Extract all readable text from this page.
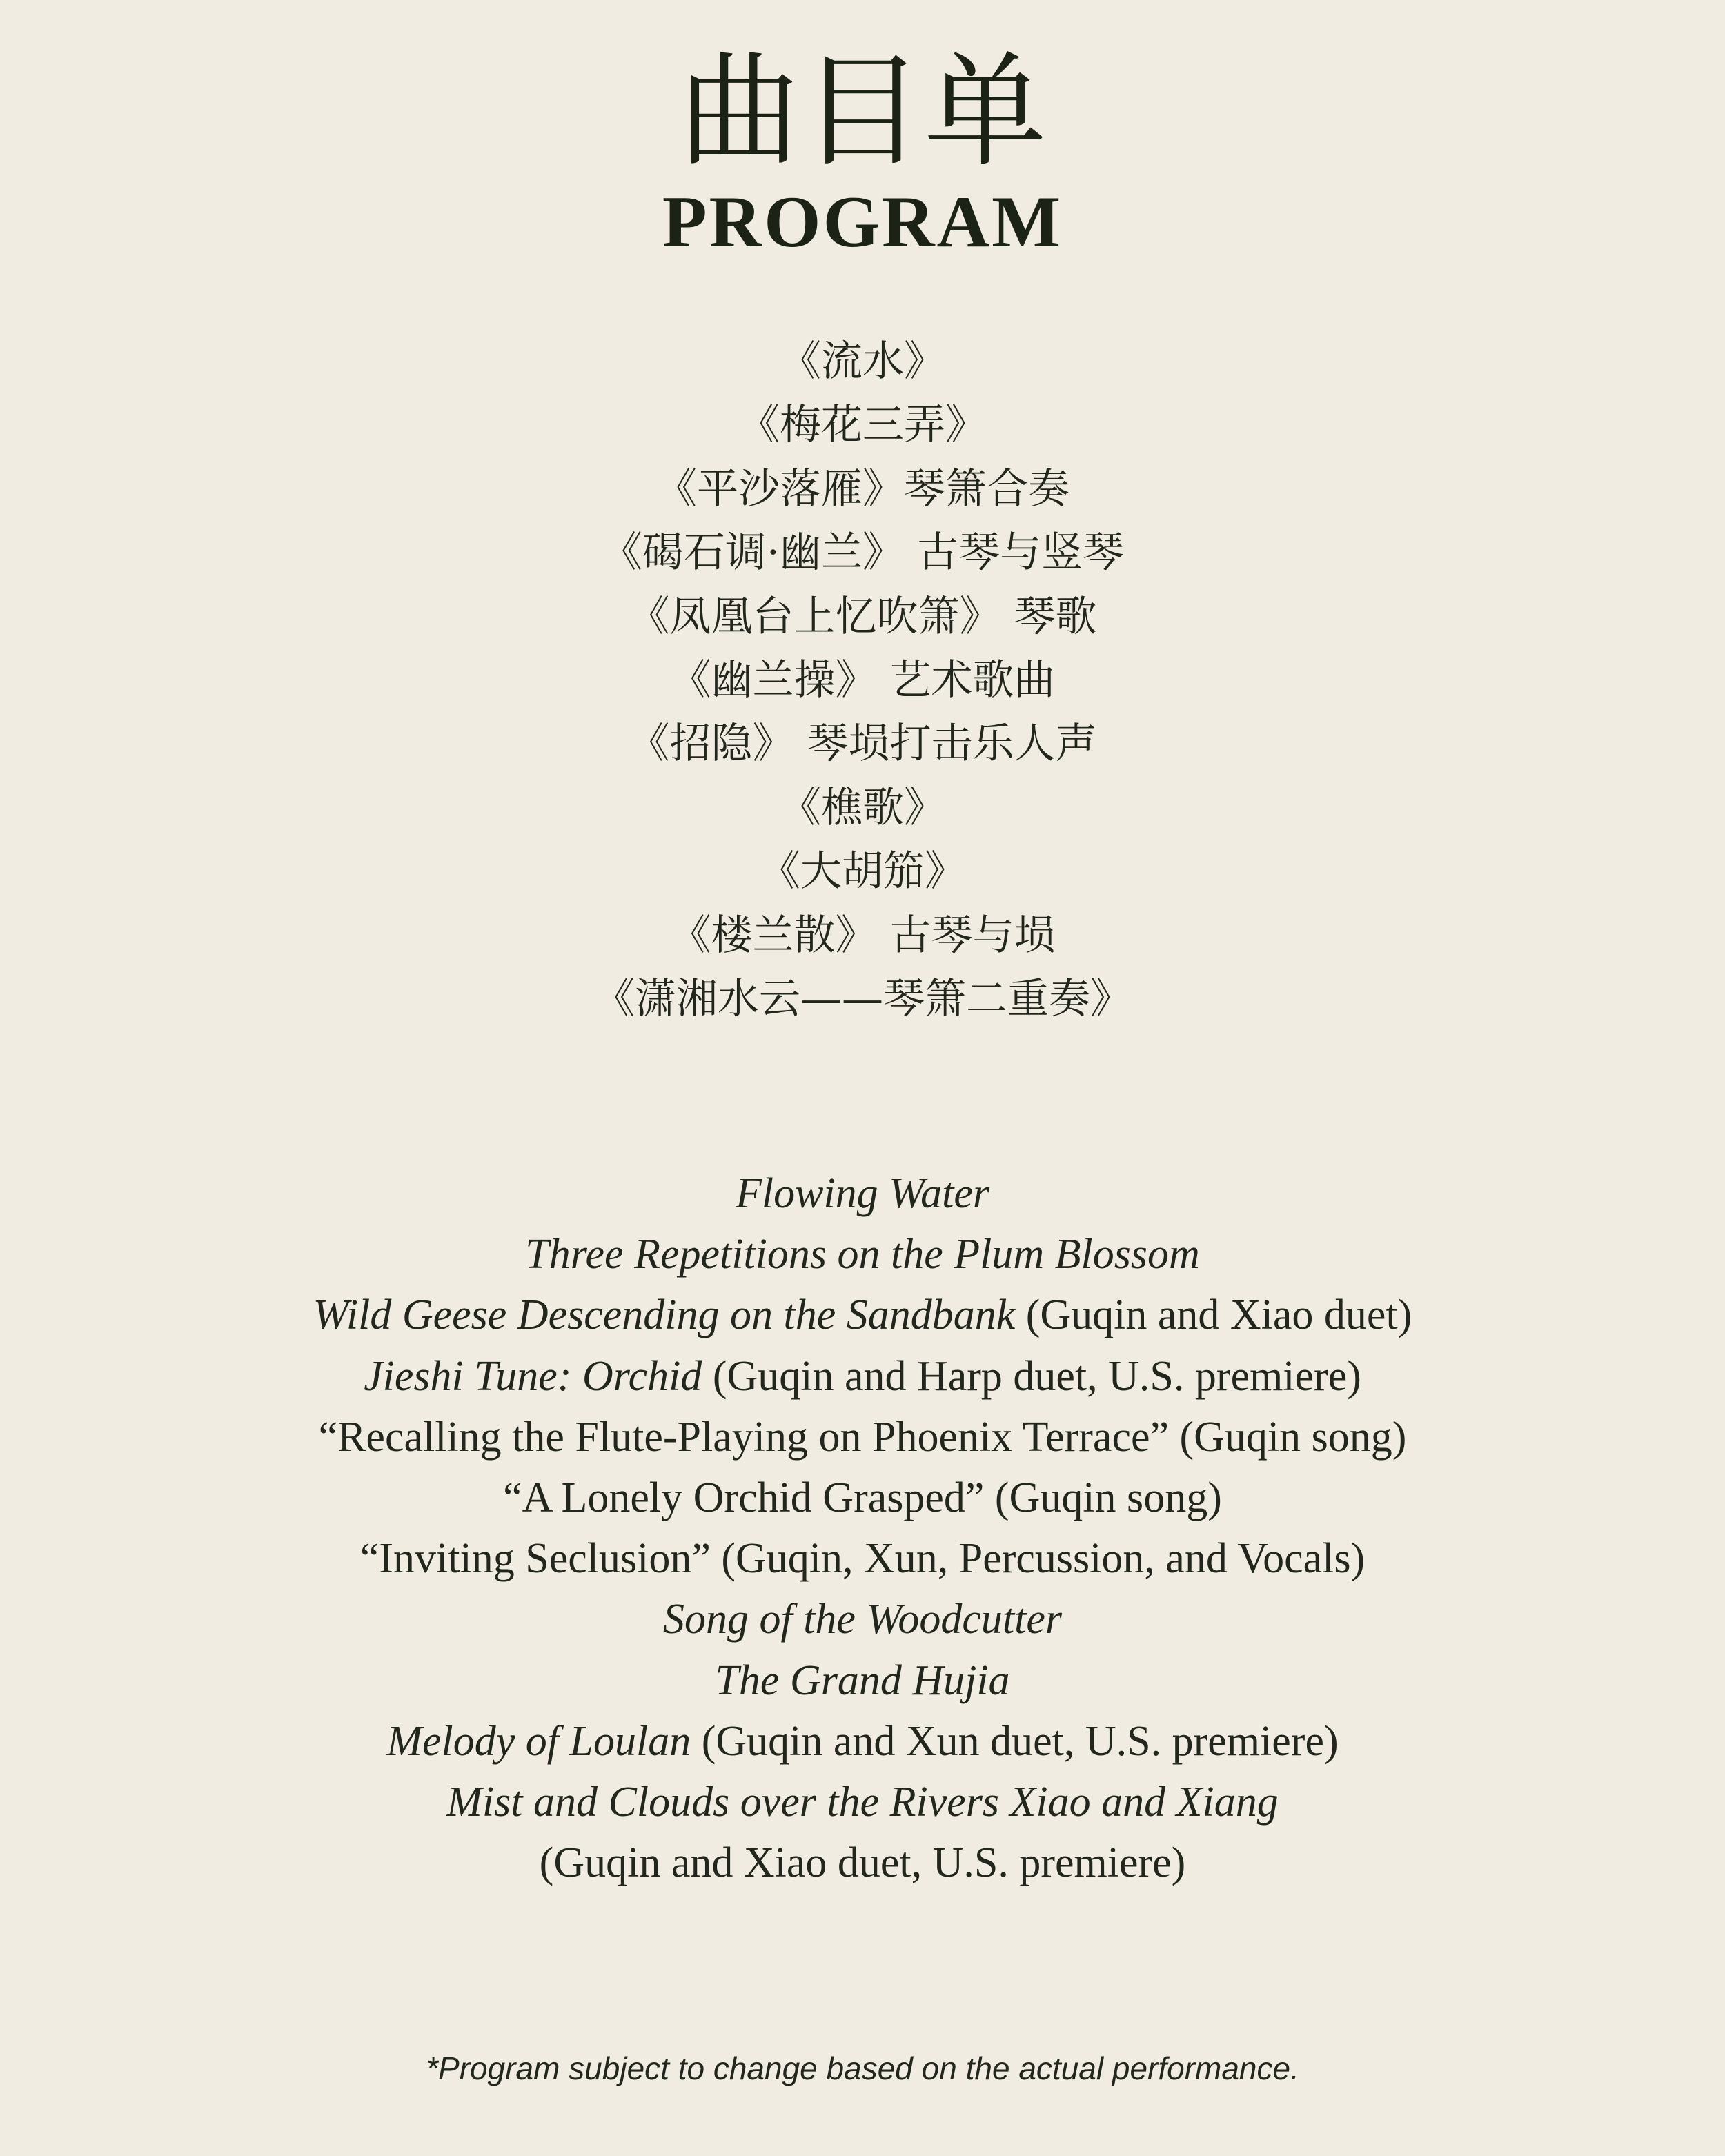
曲目单
PROGRAM
《流水》
《梅花三弄》
《平沙落雁》琴箫合奏
《碣石调·幽兰》 古琴与竖琴
《凤凰台上忆吹箫》 琴歌
《幽兰操》 艺术歌曲
《招隐》 琴埙打击乐人声
《樵歌》
《大胡笳》
《楼兰散》 古琴与埙
《潇湘水云——琴箫二重奏》
Flowing Water
Three Repetitions on the Plum Blossom
Wild Geese Descending on the Sandbank (Guqin and Xiao duet)
Jieshi Tune: Orchid (Guqin and Harp duet, U.S. premiere)
“Recalling the Flute-Playing on Phoenix Terrace” (Guqin song)
“A Lonely Orchid Grasped” (Guqin song)
“Inviting Seclusion” (Guqin, Xun, Percussion, and Vocals)
Song of the Woodcutter
The Grand Hujia
Melody of Loulan (Guqin and Xun duet, U.S. premiere)
Mist and Clouds over the Rivers Xiao and Xiang
(Guqin and Xiao duet, U.S. premiere)
*Program subject to change based on the actual performance.
